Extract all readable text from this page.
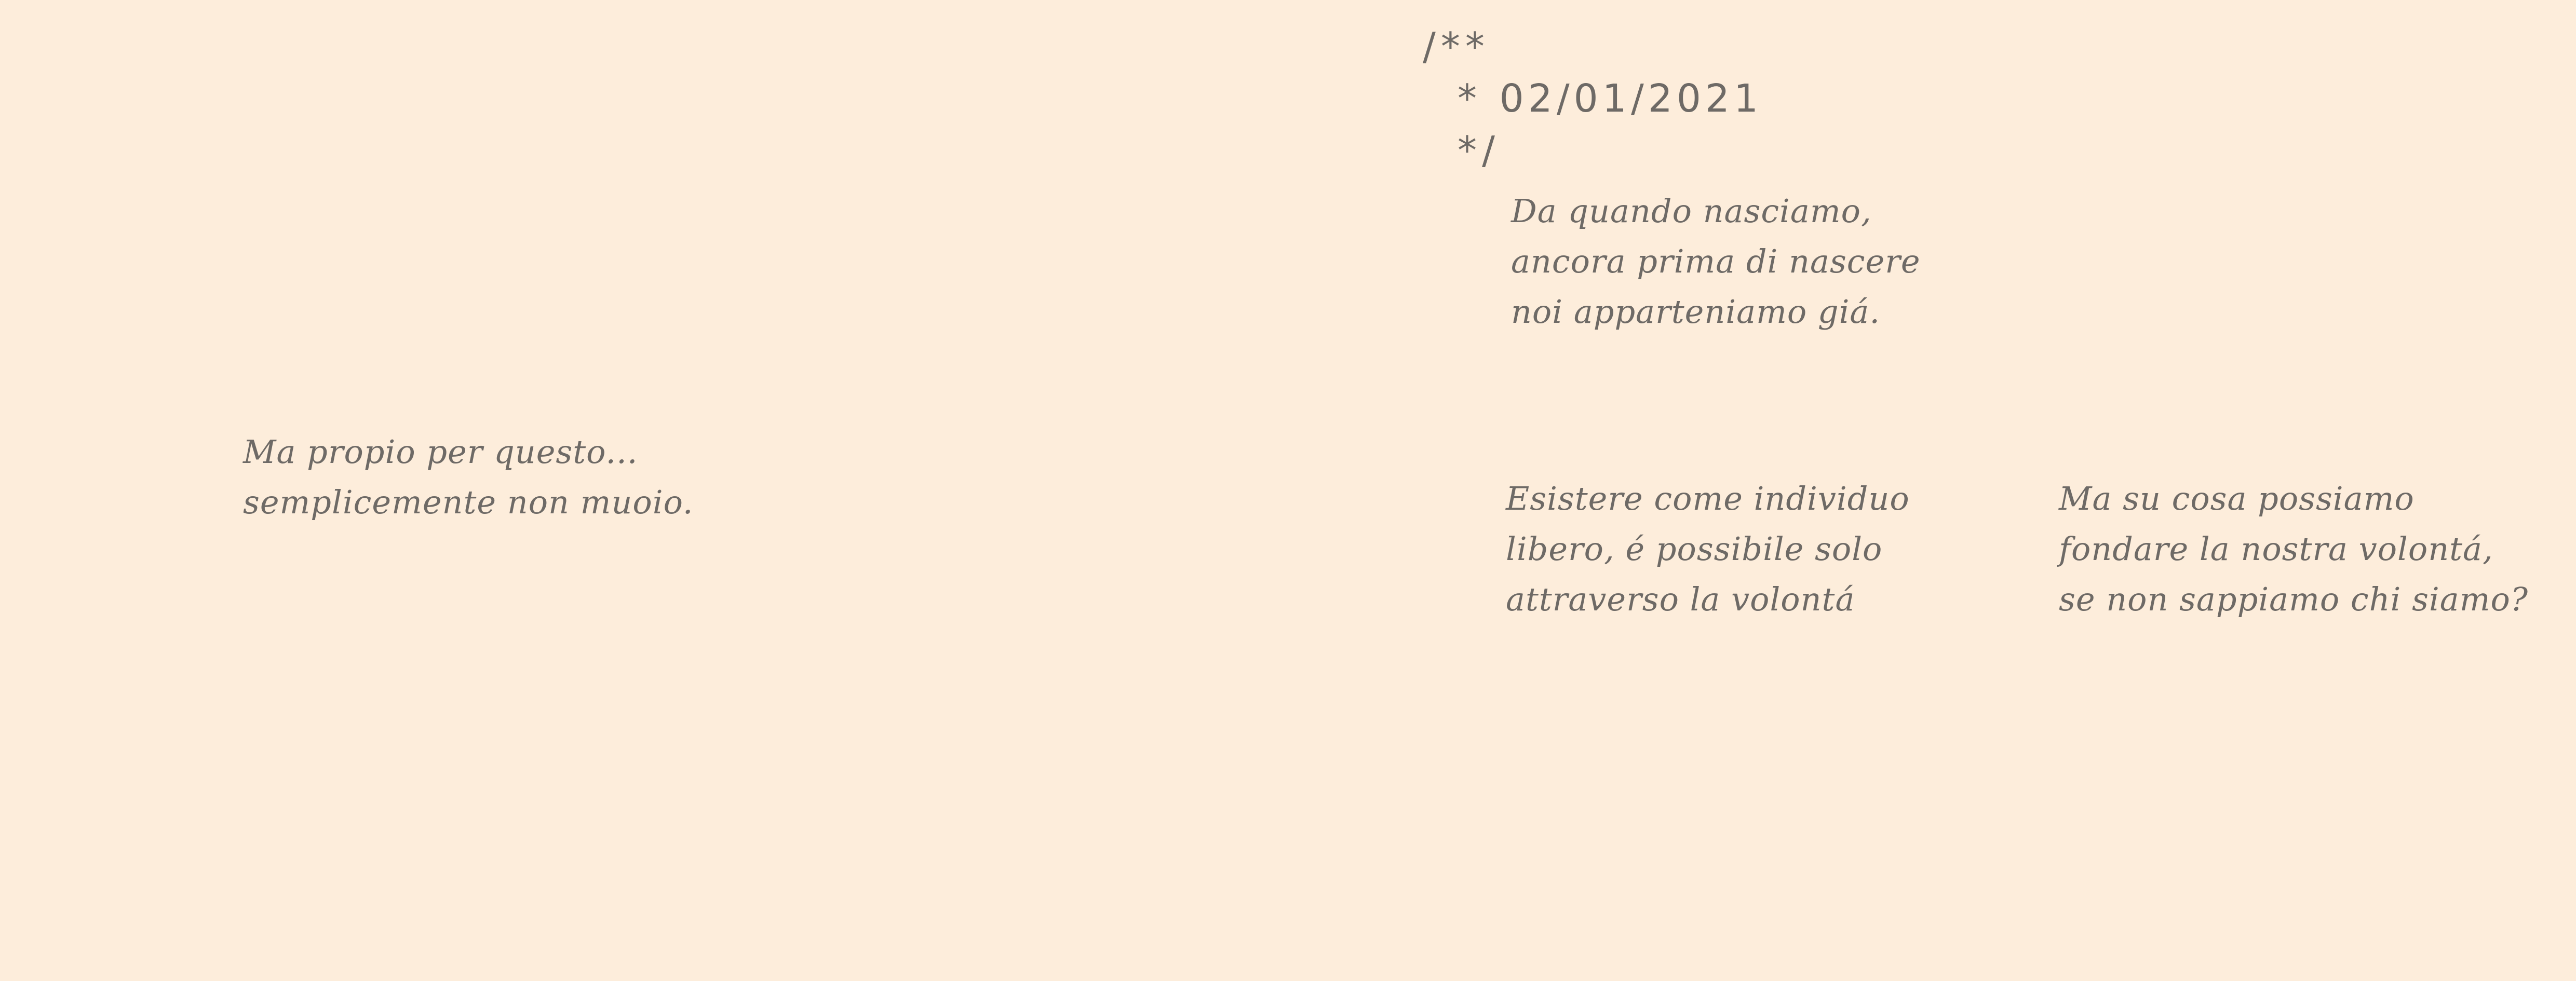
/**
* 02/01/2021
*/
Da quando nasciamo,
ancora prima di nascere
noi apparteniamo giá.
Ma propio per questo...
semplicemente non muoio.	Esistere come individuo
libero, é possibile solo
attraverso la volontá
Ma su cosa possiamo
fondare la nostra volontá,
se non sappiamo chi siamo?
